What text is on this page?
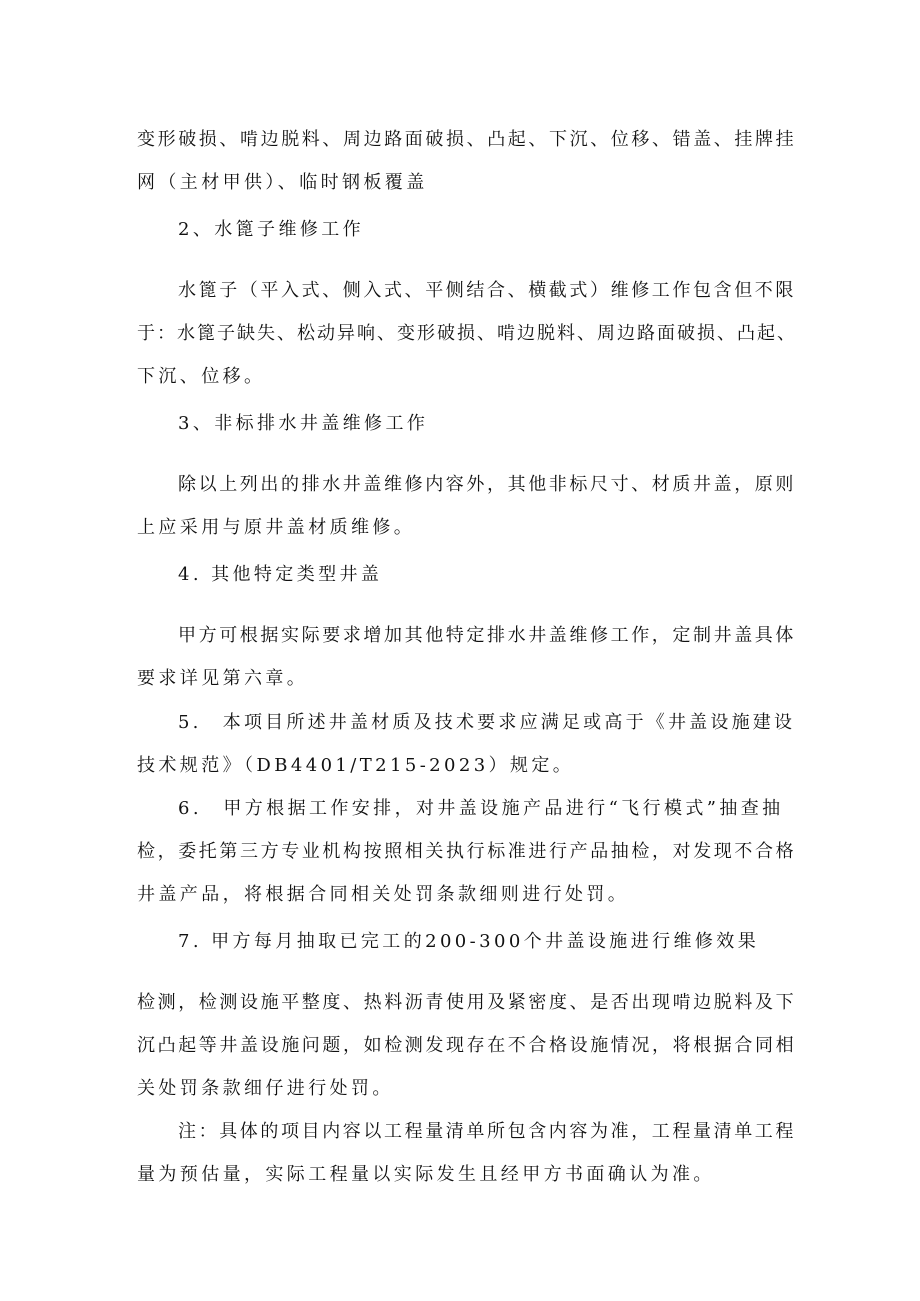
变形破损、啃边脱料、周边路面破损、凸起、下沉、位移、错盖、挂牌挂

网（主材甲供）、临时钢板覆盖

2、水篦子维修工作

水篦子（平入式、侧入式、平侧结合、横截式）维修工作包含但不限

于：水篦子缺失、松动异响、变形破损、啃边脱料、周边路面破损、凸起、

下沉、位移。

3、非标排水井盖维修工作

除以上列出的排水井盖维修内容外，其他非标尺寸、材质井盖，原则

上应采用与原井盖材质维修。

4. 其他特定类型井盖

甲方可根据实际要求增加其他特定排水井盖维修工作，定制井盖具体

要求详见第六章。

5.　本项目所述井盖材质及技术要求应满足或高于《井盖设施建设

技术规范》（DB4401/T215-2023）规定。

6.　甲方根据工作安排，对井盖设施产品进行“飞行模式”抽查抽

检，委托第三方专业机构按照相关执行标准进行产品抽检，对发现不合格

井盖产品，将根据合同相关处罚条款细则进行处罚。

7. 甲方每月抽取已完工的200-300个井盖设施进行维修效果

检测，检测设施平整度、热料沥青使用及紧密度、是否出现啃边脱料及下

沉凸起等井盖设施问题，如检测发现存在不合格设施情况，将根据合同相

关处罚条款细仔进行处罚。

注：具体的项目内容以工程量清单所包含内容为准，工程量清单工程

量为预估量，实际工程量以实际发生且经甲方书面确认为准。
